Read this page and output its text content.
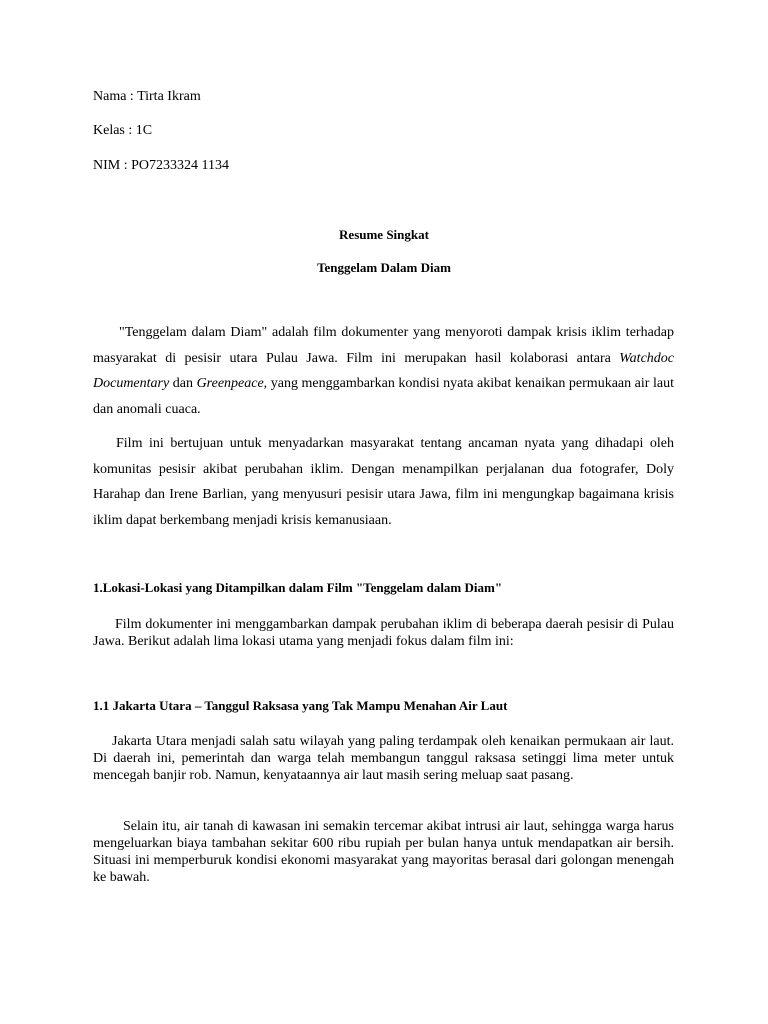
Nama : Tirta Ikram
Kelas : 1C
NIM : PO7233324 1134
Resume Singkat
Tenggelam Dalam Diam
"Tenggelam dalam Diam" adalah film dokumenter yang menyoroti dampak krisis iklim terhadap masyarakat di pesisir utara Pulau Jawa. Film ini merupakan hasil kolaborasi antara Watchdoc Documentary dan Greenpeace, yang menggambarkan kondisi nyata akibat kenaikan permukaan air laut dan anomali cuaca.
Film ini bertujuan untuk menyadarkan masyarakat tentang ancaman nyata yang dihadapi oleh komunitas pesisir akibat perubahan iklim. Dengan menampilkan perjalanan dua fotografer, Doly Harahap dan Irene Barlian, yang menyusuri pesisir utara Jawa, film ini mengungkap bagaimana krisis iklim dapat berkembang menjadi krisis kemanusiaan.
1.Lokasi-Lokasi yang Ditampilkan dalam Film "Tenggelam dalam Diam"
Film dokumenter ini menggambarkan dampak perubahan iklim di beberapa daerah pesisir di Pulau Jawa. Berikut adalah lima lokasi utama yang menjadi fokus dalam film ini:
1.1 Jakarta Utara – Tanggul Raksasa yang Tak Mampu Menahan Air Laut
Jakarta Utara menjadi salah satu wilayah yang paling terdampak oleh kenaikan permukaan air laut. Di daerah ini, pemerintah dan warga telah membangun tanggul raksasa setinggi lima meter untuk mencegah banjir rob. Namun, kenyataannya air laut masih sering meluap saat pasang.
Selain itu, air tanah di kawasan ini semakin tercemar akibat intrusi air laut, sehingga warga harus mengeluarkan biaya tambahan sekitar 600 ribu rupiah per bulan hanya untuk mendapatkan air bersih. Situasi ini memperburuk kondisi ekonomi masyarakat yang mayoritas berasal dari golongan menengah ke bawah.
